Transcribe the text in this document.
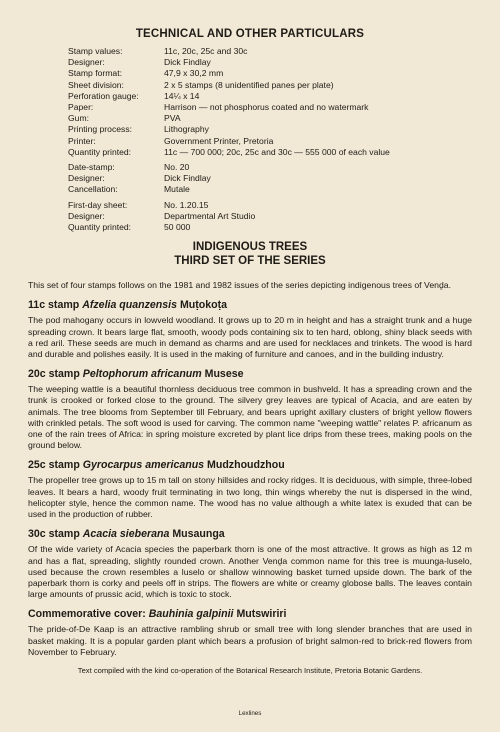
TECHNICAL AND OTHER PARTICULARS
Stamp values:	11c, 20c, 25c and 30c
Designer:	Dick Findlay
Stamp format:	47,9 x 30,2 mm
Sheet division:	2 x 5 stamps (8 unidentified panes per plate)
Perforation gauge:	14¼ x 14
Paper:	Harrison — not phosphorus coated and no watermark
Gum:	PVA
Printing process:	Lithography
Printer:	Government Printer, Pretoria
Quantity printed:	11c — 700 000; 20c, 25c and 30c — 555 000 of each value
Date-stamp:	No. 20
Designer:	Dick Findlay
Cancellation:	Mutale
First-day sheet:	No. 1.20.15
Designer:	Departmental Art Studio
Quantity printed:	50 000
INDIGENOUS TREES
THIRD SET OF THE SERIES

This set of four stamps follows on the 1981 and 1982 issues of the series depicting indigenous trees of Venḓa.

11c stamp Afzelia quanzensis Muṭokoṭa

The pod mahogany occurs in lowveld woodland. It grows up to 20 m in height and has a straight trunk and a huge spreading crown. It bears large flat, smooth, woody pods containing six to ten hard, oblong, shiny black seeds with a red aril. These seeds are much in demand as charms and are used for necklaces and trinkets. The wood is hard and durable and polishes easily. It is used in the making of furniture and canoes, and in the building industry.

20c stamp Peltophorum africanum Musese

The weeping wattle is a beautiful thornless deciduous tree common in bushveld. It has a spreading crown and the trunk is crooked or forked close to the ground. The silvery grey leaves are typical of Acacia, and are eaten by animals. The tree blooms from September till February, and bears upright axillary clusters of bright yellow flowers with crinkled petals. The soft wood is used for carving. The common name "weeping wattle" relates P. africanum as one of the rain trees of Africa: in spring moisture excreted by plant lice drips from these trees, making pools on the ground below.

25c stamp Gyrocarpus americanus Mudzhoudzhou

The propeller tree grows up to 15 m tall on stony hillsides and rocky ridges. It is deciduous, with simple, three-lobed leaves. It bears a hard, woody fruit terminating in two long, thin wings whereby the nut is dispersed in the wind, helicopter style, hence the common name. The wood has no value although a white latex is exuded that can be used in the production of rubber.

30c stamp Acacia sieberana Musaunga

Of the wide variety of Acacia species the paperbark thorn is one of the most attractive. It grows as high as 12 m and has a flat, spreading, slightly rounded crown. Another Venḓa common name for this tree is muunga-luselo, used because the crown resembles a luselo or shallow winnowing basket turned upside down. The bark of the paperbark thorn is corky and peels off in strips. The flowers are white or creamy globose balls. The leaves contain large amounts of prussic acid, which is toxic to stock.

Commemorative cover: Bauhinia galpinii Mutswiriri

The pride-of-De Kaap is an attractive rambling shrub or small tree with long slender branches that are used in basket making. It is a popular garden plant which bears a profusion of bright salmon-red to brick-red flowers from November to February.

Text compiled with the kind co-operation of the Botanical Research Institute, Pretoria Botanic Gardens.
Lexlines
